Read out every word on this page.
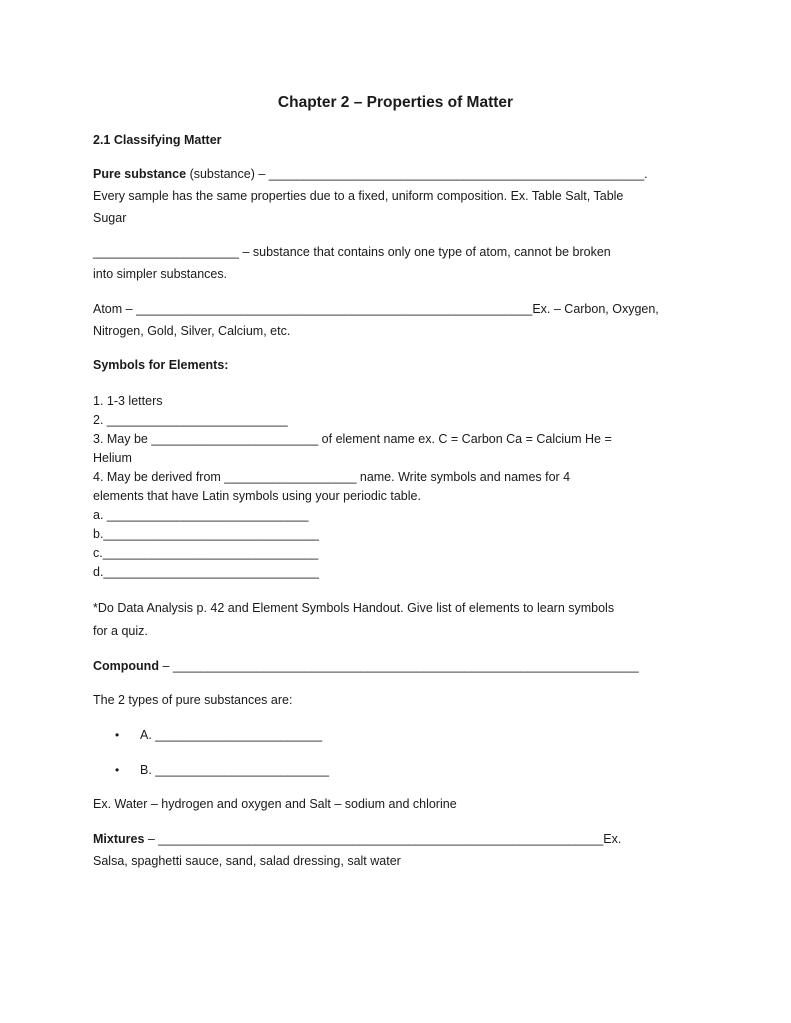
Chapter 2 – Properties of Matter
2.1 Classifying Matter
Pure substance (substance) – ______________________________________________________.
Every sample has the same properties due to a fixed, uniform composition. Ex. Table Salt, Table
Sugar
_____________________ – substance that contains only one type of atom, cannot be broken
into simpler substances.
Atom – _________________________________________________________Ex. – Carbon, Oxygen,
Nitrogen, Gold, Silver, Calcium, etc.
Symbols for Elements:
1. 1-3 letters
2. __________________________
3. May be ________________________ of element name ex. C = Carbon Ca = Calcium He =
Helium
4. May be derived from ___________________ name. Write symbols and names for 4
elements that have Latin symbols using your periodic table.
a. _____________________________
b._______________________________
c._______________________________
d._______________________________
*Do Data Analysis p. 42 and Element Symbols Handout. Give list of elements to learn symbols
for a quiz.
Compound – ___________________________________________________________________
The 2 types of pure substances are:
• A. ________________________
• B. _________________________
Ex. Water – hydrogen and oxygen and Salt – sodium and chlorine
Mixtures – ________________________________________________________________Ex.
Salsa, spaghetti sauce, sand, salad dressing, salt water
